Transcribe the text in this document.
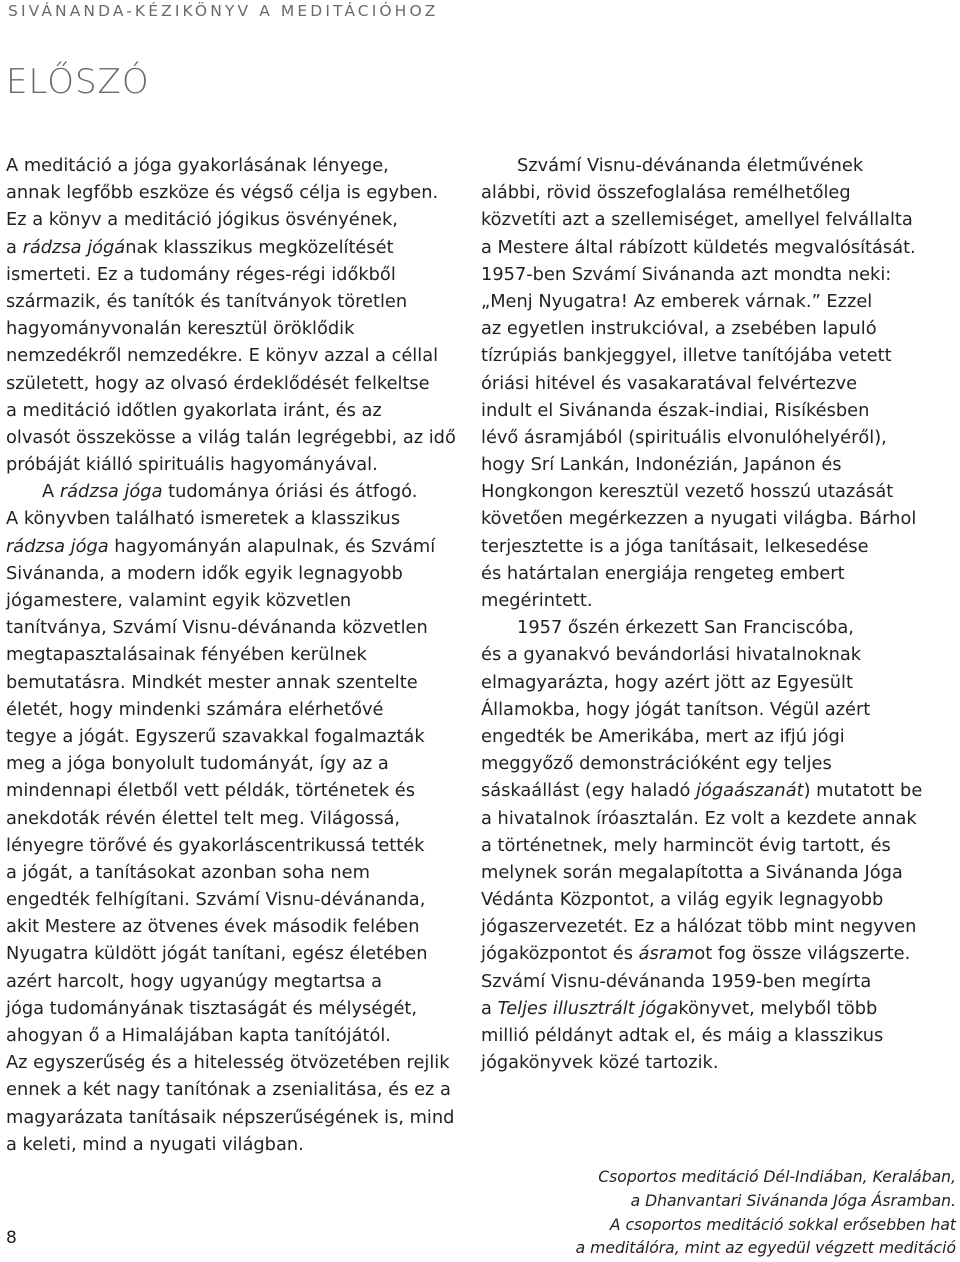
SIVÁNANDA-KÉZIKÖNYV A MEDITÁCIÓHOZ
ELŐSZÓ
A meditáció a jóga gyakorlásának lényege,
annak legfőbb eszköze és végső célja is egyben.
Ez a könyv a meditáció jógikus ösvényének,
a rádzsa jógának klasszikus megközelítését
ismerteti. Ez a tudomány réges-régi időkből
származik, és tanítók és tanítványok töretlen
hagyományvonalán keresztül öröklődik
nemzedékről nemzedékre. E könyv azzal a céllal
született, hogy az olvasó érdeklődését felkeltse
a meditáció időtlen gyakorlata iránt, és az
olvasót összekösse a világ talán legrégebbi, az idő
próbáját kiálló spirituális hagyományával.
A rádzsa jóga tudománya óriási és átfogó.
A könyvben található ismeretek a klasszikus
rádzsa jóga hagyományán alapulnak, és Szvámí
Sivánanda, a modern idők egyik legnagyobb
jógamestere, valamint egyik közvetlen
tanítványa, Szvámí Visnu-dévánanda közvetlen
megtapasztalásainak fényében kerülnek
bemutatásra. Mindkét mester annak szentelte
életét, hogy mindenki számára elérhetővé
tegye a jógát. Egyszerű szavakkal fogalmazták
meg a jóga bonyolult tudományát, így az a
mindennapi életből vett példák, történetek és
anekdoták révén élettel telt meg. Világossá,
lényegre törővé és gyakorláscentrikussá tették
a jógát, a tanításokat azonban soha nem
engedték felhígítani. Szvámí Visnu-dévánanda,
akit Mestere az ötvenes évek második felében
Nyugatra küldött jógát tanítani, egész életében
azért harcolt, hogy ugyanúgy megtartsa a
jóga tudományának tisztaságát és mélységét,
ahogyan ő a Himalájában kapta tanítójától.
Az egyszerűség és a hitelesség ötvözetében rejlik
ennek a két nagy tanítónak a zsenialitása, és ez a
magyarázata tanításaik népszerűségének is, mind
a keleti, mind a nyugati világban.
Szvámí Visnu-dévánanda életművének
alábbi, rövid összefoglalása remélhetőleg
közvetíti azt a szellemiséget, amellyel felvállalta
a Mestere által rábízott küldetés megvalósítását.
1957-ben Szvámí Sivánanda azt mondta neki:
„Menj Nyugatra! Az emberek várnak.” Ezzel
az egyetlen instrukcióval, a zsebében lapuló
tízrúpiás bankjeggyel, illetve tanítójába vetett
óriási hitével és vasakaratával felvértezve
indult el Sivánanda észak-indiai, Risíkésben
lévő ásramjából (spirituális elvonulóhelyéről),
hogy Srí Lankán, Indonézián, Japánon és
Hongkongon keresztül vezető hosszú utazását
követően megérkezzen a nyugati világba. Bárhol
terjesztette is a jóga tanításait, lelkesedése
és határtalan energiája rengeteg embert
megérintett.
1957 őszén érkezett San Franciscóba,
és a gyanakvó bevándorlási hivatalnoknak
elmagyarázta, hogy azért jött az Egyesült
Államokba, hogy jógát tanítson. Végül azért
engedték be Amerikába, mert az ifjú jógi
meggyőző demonstrációként egy teljes
sáskaállást (egy haladó jógaászanát) mutatott be
a hivatalnok íróasztalán. Ez volt a kezdete annak
a történetnek, mely harmincöt évig tartott, és
melynek során megalapította a Sivánanda Jóga
Védánta Központot, a világ egyik legnagyobb
jógaszervezetét. Ez a hálózat több mint negyven
jógaközpontot és ásramot fog össze világszerte.
Szvámí Visnu-dévánanda 1959-ben megírta
a Teljes illusztrált jógakönyvet, melyből több
millió példányt adtak el, és máig a klasszikus
jógakönyvek közé tartozik.
Csoportos meditáció Dél-Indiában, Keralában,
a Dhanvantari Sivánanda Jóga Ásramban.
A csoportos meditáció sokkal erősebben hat
a meditálóra, mint az egyedül végzett meditáció
8
